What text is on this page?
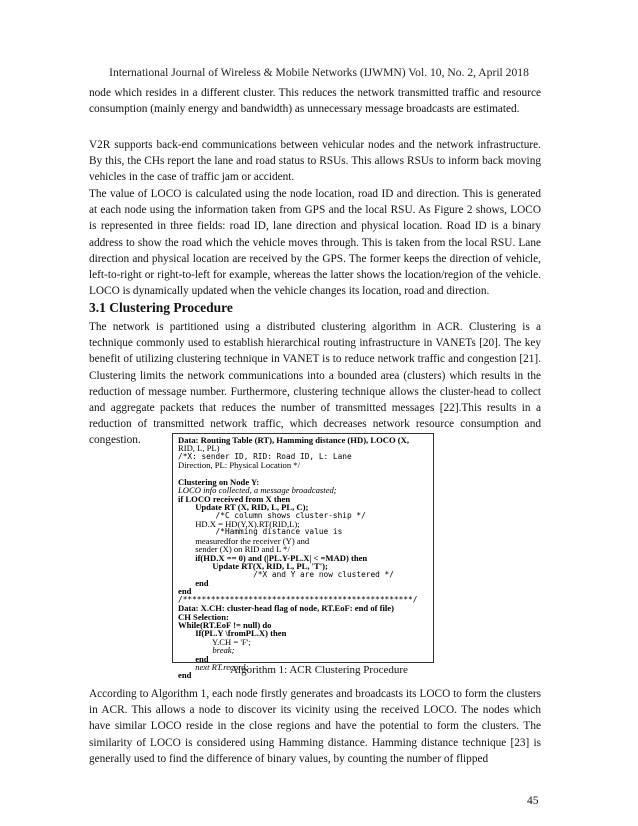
International Journal of Wireless & Mobile Networks (IJWMN) Vol. 10, No. 2, April 2018

node which resides in a different cluster. This reduces the network transmitted traffic and resource consumption (mainly energy and bandwidth) as unnecessary message broadcasts are estimated.

V2R supports back-end communications between vehicular nodes and the network infrastructure. By this, the CHs report the lane and road status to RSUs. This allows RSUs to inform back moving vehicles in the case of traffic jam or accident.

The value of LOCO is calculated using the node location, road ID and direction. This is generated at each node using the information taken from GPS and the local RSU. As Figure 2 shows, LOCO is represented in three fields: road ID, lane direction and physical location. Road ID is a binary address to show the road which the vehicle moves through. This is taken from the local RSU. Lane direction and physical location are received by the GPS. The former keeps the direction of vehicle, left-to-right or right-to-left for example, whereas the latter shows the location/region of the vehicle. LOCO is dynamically updated when the vehicle changes its location, road and direction.

3.1 Clustering Procedure

The network is partitioned using a distributed clustering algorithm in ACR. Clustering is a technique commonly used to establish hierarchical routing infrastructure in VANETs [20]. The key benefit of utilizing clustering technique in VANET is to reduce network traffic and congestion [21]. Clustering limits the network communications into a bounded area (clusters) which results in the reduction of message number. Furthermore, clustering technique allows the cluster-head to collect and aggregate packets that reduces the number of transmitted messages [22].This results in a reduction of transmitted network traffic, which decreases network resource consumption and congestion.	Data: Routing Table (RT), Hamming distance (HD), LOCO (X,
RID, L, PL)
/*X: sender ID, RID: Road ID, L: Lane
Direction, PL: Physical Location */

Clustering on Node Y:
LOCO info collected, a message broadcasted;
if LOCO received from X then
Update RT (X, RID, L, PL, C);
/*C column shows cluster-ship */
HD.X = HD(Y,X).RT(RID,L);
/*Hamming distance value is
measuredfor the receiver (Y) and
sender (X) on RID and L */
if(HD.X == 0) and (|PL.Y-PL.X| < =MAD) then
Update RT(X, RID, L, PL, 'T');
/*X and Y are now clustered */
end
end
/*************************************************/
Data: X.CH: cluster-head flag of node, RT.EoF: end of file)
CH Selection:
While(RT.EoF != null) do
If(PL.Y \fromPL.X) then
Y.CH = 'F';
break;
end
next RT.record;
end	Algorithm 1: ACR Clustering Procedure

According to Algorithm 1, each node firstly generates and broadcasts its LOCO to form the clusters in ACR. This allows a node to discover its vicinity using the received LOCO. The nodes which have similar LOCO reside in the close regions and have the potential to form the clusters. The similarity of LOCO is considered using Hamming distance. Hamming distance technique [23] is generally used to find the difference of binary values, by counting the number of flipped

45
